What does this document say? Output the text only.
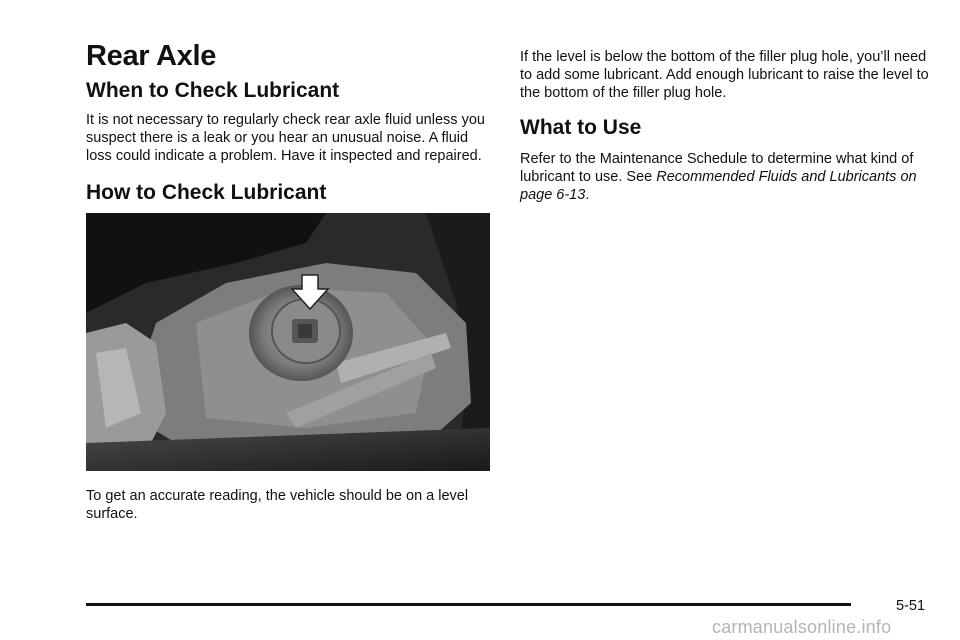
Rear Axle
When to Check Lubricant

It is not necessary to regularly check rear axle fluid unless you suspect there is a leak or you hear an unusual noise. A fluid loss could indicate a problem. Have it inspected and repaired.

How to Check Lubricant

To get an accurate reading, the vehicle should be on a level surface.

If the level is below the bottom of the filler plug hole, you’ll need to add some lubricant. Add enough lubricant to raise the level to the bottom of the filler plug hole.

What to Use

Refer to the Maintenance Schedule to determine what kind of lubricant to use. See Recommended Fluids and Lubricants on page 6-13.

5-51
carmanualsonline.info
